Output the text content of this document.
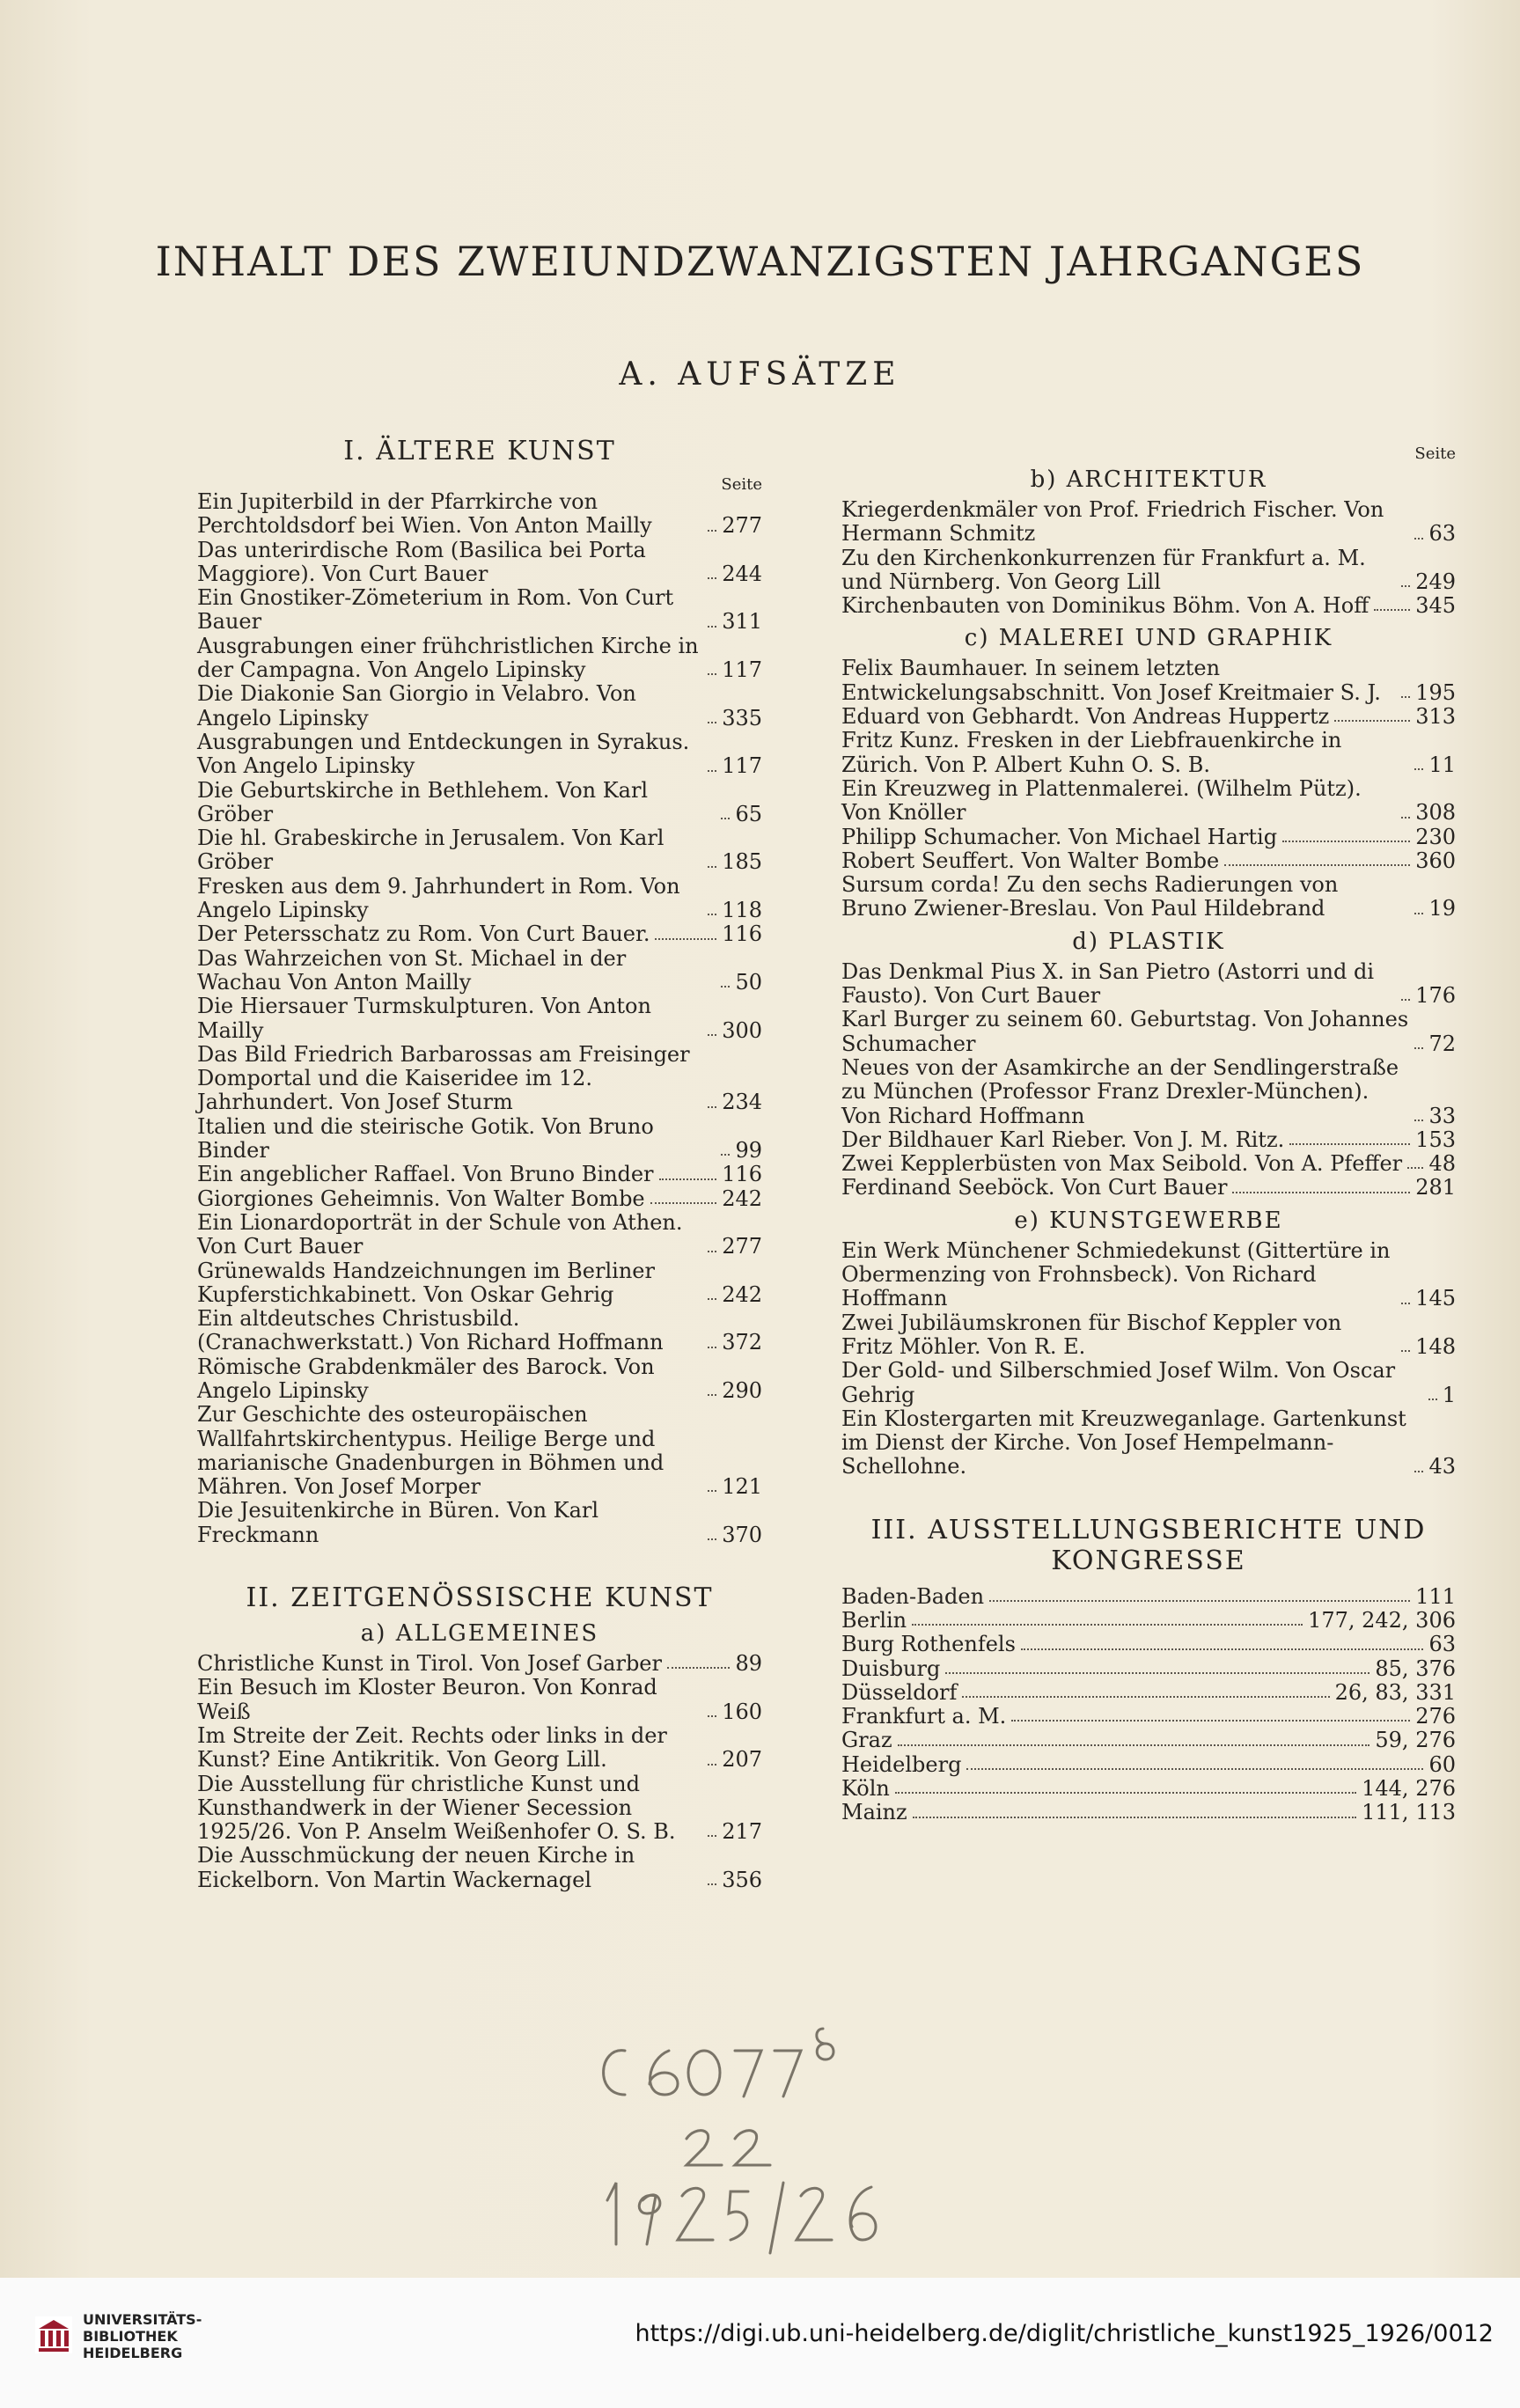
INHALT DES ZWEIUNDZWANZIGSTEN JAHRGANGES
A. AUFSÄTZE
I. ÄLTERE KUNST
Seite
Ein Jupiterbild in der Pfarrkirche von Perchtoldsdorf bei Wien. Von Anton Mailly	277
Das unterirdische Rom (Basilica bei Porta Maggiore). Von Curt Bauer	244
Ein Gnostiker-Zömeterium in Rom. Von Curt Bauer	311
Ausgrabungen einer frühchristlichen Kirche in der Campagna. Von Angelo Lipinsky	117
Die Diakonie San Giorgio in Velabro. Von Angelo Lipinsky	335
Ausgrabungen und Entdeckungen in Syrakus. Von Angelo Lipinsky	117
Die Geburtskirche in Bethlehem. Von Karl Gröber	65
Die hl. Grabeskirche in Jerusalem. Von Karl Gröber	185
Fresken aus dem 9. Jahrhundert in Rom. Von Angelo Lipinsky	118
Der Petersschatz zu Rom. Von Curt Bauer.	116
Das Wahrzeichen von St. Michael in der Wachau Von Anton Mailly	50
Die Hiersauer Turmskulpturen. Von Anton Mailly	300
Das Bild Friedrich Barbarossas am Freisinger Domportal und die Kaiseridee im 12. Jahrhundert. Von Josef Sturm	234
Italien und die steirische Gotik. Von Bruno Binder	99
Ein angeblicher Raffael. Von Bruno Binder	116
Giorgiones Geheimnis. Von Walter Bombe	242
Ein Lionardoporträt in der Schule von Athen. Von Curt Bauer	277
Grünewalds Handzeichnungen im Berliner Kupferstichkabinett. Von Oskar Gehrig	242
Ein altdeutsches Christusbild. (Cranachwerkstatt.) Von Richard Hoffmann	372
Römische Grabdenkmäler des Barock. Von Angelo Lipinsky	290
Zur Geschichte des osteuropäischen Wallfahrtskirchentypus. Heilige Berge und marianische Gnadenburgen in Böhmen und Mähren. Von Josef Morper	121
Die Jesuitenkirche in Büren. Von Karl Freckmann	370
II. ZEITGENÖSSISCHE KUNST
a) ALLGEMEINES
Christliche Kunst in Tirol. Von Josef Garber	89
Ein Besuch im Kloster Beuron. Von Konrad Weiß	160
Im Streite der Zeit. Rechts oder links in der Kunst? Eine Antikritik. Von Georg Lill.	207
Die Ausstellung für christliche Kunst und Kunsthandwerk in der Wiener Secession 1925/26. Von P. Anselm Weißenhofer O. S. B.	217
Die Ausschmückung der neuen Kirche in Eickelborn. Von Martin Wackernagel	356
Seite
b) ARCHITEKTUR
Kriegerdenkmäler von Prof. Friedrich Fischer. Von Hermann Schmitz	63
Zu den Kirchenkonkurrenzen für Frankfurt a. M. und Nürnberg. Von Georg Lill	249
Kirchenbauten von Dominikus Böhm. Von A. Hoff 345
c) MALEREI UND GRAPHIK
Felix Baumhauer. In seinem letzten Entwickelungsabschnitt. Von Josef Kreitmaier S. J.	195
Eduard von Gebhardt. Von Andreas Huppertz	313
Fritz Kunz. Fresken in der Liebfrauenkirche in Zürich. Von P. Albert Kuhn O. S. B.	11
Ein Kreuzweg in Plattenmalerei. (Wilhelm Pütz). Von Knöller	308
Philipp Schumacher. Von Michael Hartig	230
Robert Seuffert. Von Walter Bombe	360
Sursum corda! Zu den sechs Radierungen von Bruno Zwiener-Breslau. Von Paul Hildebrand	19
d) PLASTIK
Das Denkmal Pius X. in San Pietro (Astorri und di Fausto). Von Curt Bauer	176
Karl Burger zu seinem 60. Geburtstag. Von Johannes Schumacher	72
Neues von der Asamkirche an der Sendlingerstraße zu München (Professor Franz Drexler-München). Von Richard Hoffmann	33
Der Bildhauer Karl Rieber. Von J. M. Ritz.	153
Zwei Kepplerbüsten von Max Seibold. Von A. Pfeffer 48
Ferdinand Seeböck. Von Curt Bauer	281
e) KUNSTGEWERBE
Ein Werk Münchener Schmiedekunst (Gittertüre in Obermenzing von Frohnsbeck). Von Richard Hoffmann	145
Zwei Jubiläumskronen für Bischof Keppler von Fritz Möhler. Von R. E.	148
Der Gold- und Silberschmied Josef Wilm. Von Oscar Gehrig	1
Ein Klostergarten mit Kreuzweganlage. Gartenkunst im Dienst der Kirche. Von Josef Hempelmann-Schellohne.	43
III. AUSSTELLUNGSBERICHTE UND KONGRESSE
Baden-Baden	111
Berlin	177, 242, 306
Burg Rothenfels	63
Duisburg	85, 376
Düsseldorf	26, 83, 331
Frankfurt a. M.	276
Graz	59, 276
Heidelberg	60
Köln	144, 276
Mainz	111, 113
UNIVERSITÄTS-
BIBLIOTHEK
HEIDELBERG
https://digi.ub.uni-heidelberg.de/diglit/christliche_kunst1925_1926/0012
